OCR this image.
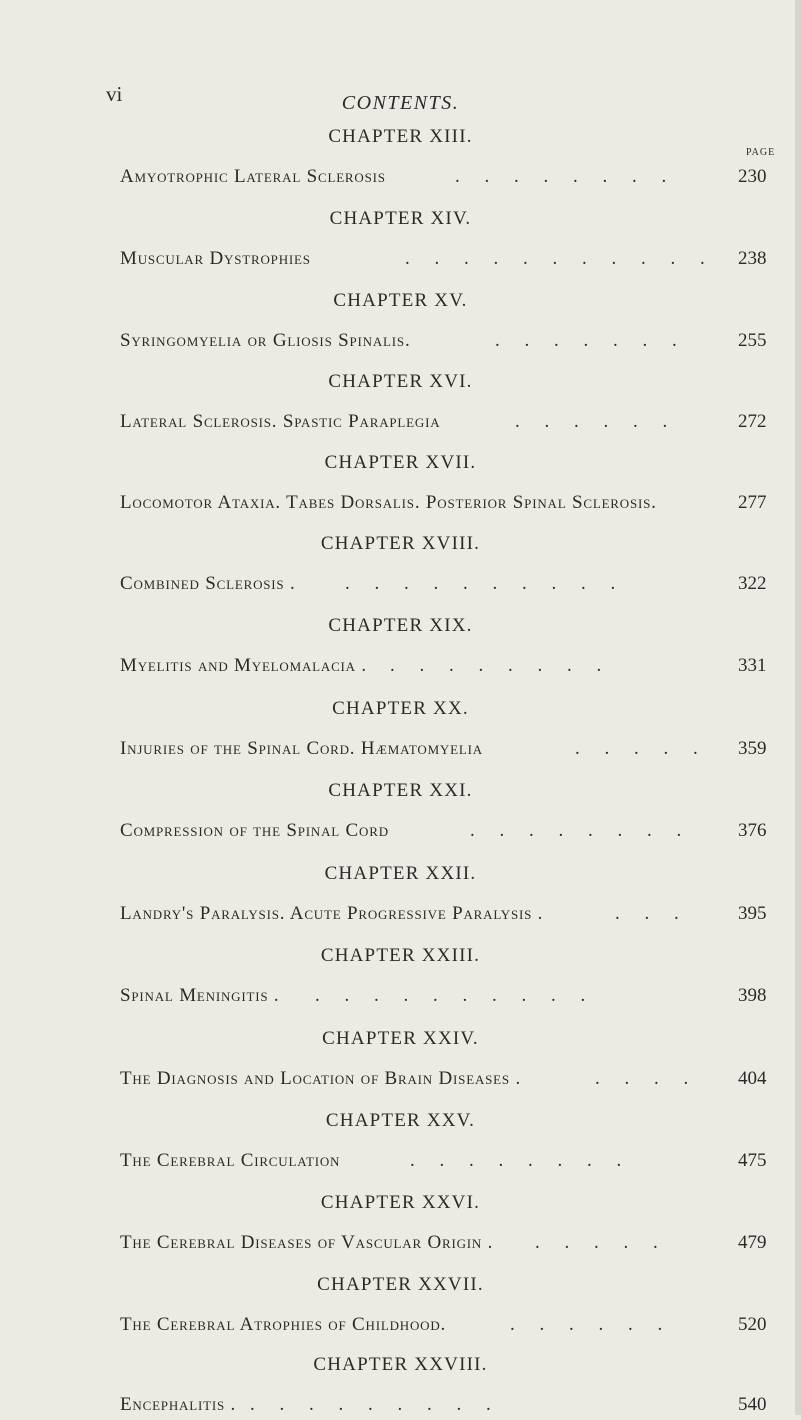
vi	CONTENTS.
PAGE
CHAPTER XIII.
Amyotrophic Lateral Sclerosis	. . . . . . . .	230
CHAPTER XIV.
Muscular Dystrophies	. . . . . . . . . . . 238
CHAPTER XV.
Syringomyelia or Gliosis Spinalis.	. . . . . . .	255
CHAPTER XVI.
Lateral Sclerosis. Spastic Paraplegia	. . . . . .	272
CHAPTER XVII.
Locomotor Ataxia. Tabes Dorsalis. Posterior Spinal Sclerosis.	277
CHAPTER XVIII.
Combined Sclerosis .	. . . . . . . . . .	322
CHAPTER XIX.
Myelitis and Myelomalacia . . . . . . . . .	331
CHAPTER XX.
Injuries of the Spinal Cord. Hæmatomyelia	. . . . . 359
CHAPTER XXI.
Compression of the Spinal Cord	. . . . . . . . 376
CHAPTER XXII.
Landry's Paralysis. Acute Progressive Paralysis .	. . .	395
CHAPTER XXIII.
Spinal Meningitis . . . . . . . . . . .	398
CHAPTER XXIV.
The Diagnosis and Location of Brain Diseases .	. . . . 404
CHAPTER XXV.
The Cerebral Circulation	. . . . . . . .	475
CHAPTER XXVI.
The Cerebral Diseases of Vascular Origin . . . . . .	479
CHAPTER XXVII.
The Cerebral Atrophies of Childhood.	. . . . . .	520
CHAPTER XXVIII.
Encephalitis . . . . . . . . . .	540
